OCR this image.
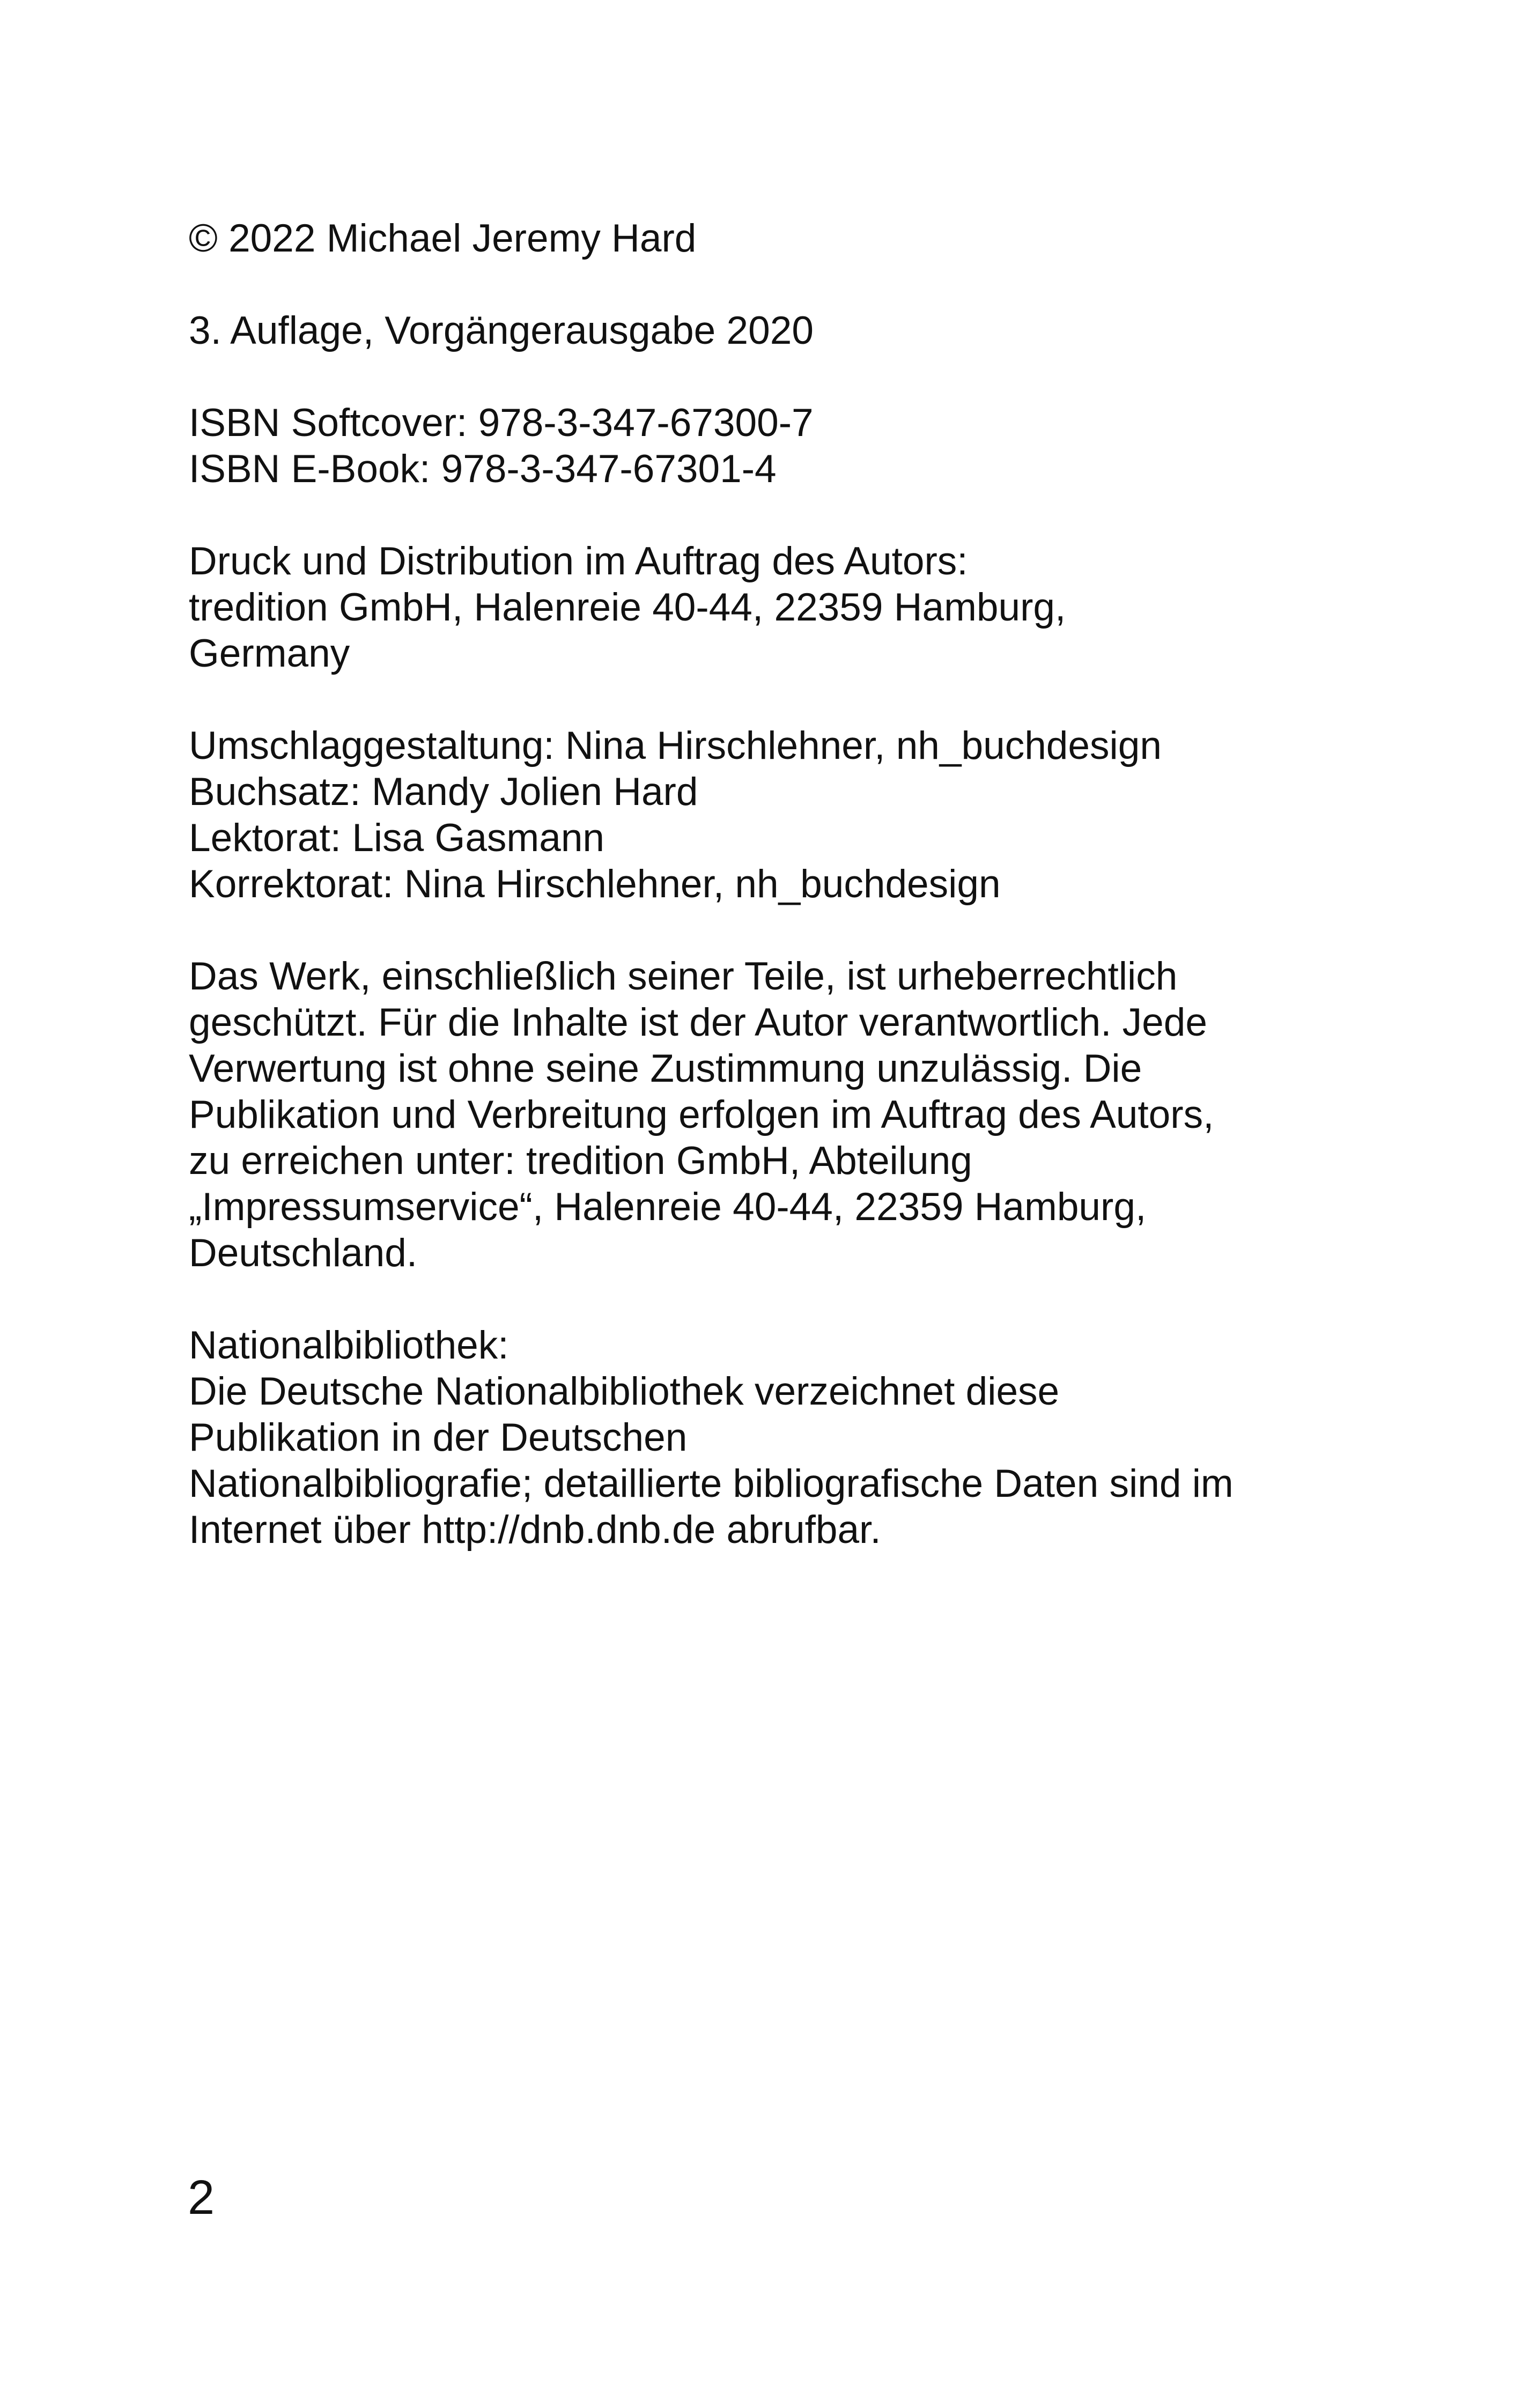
© 2022 Michael Jeremy Hard
3. Auflage, Vorgängerausgabe 2020
ISBN Softcover: 978-3-347-67300-7
ISBN E-Book: 978-3-347-67301-4
Druck und Distribution im Auftrag des Autors:
tredition GmbH, Halenreie 40-44, 22359 Hamburg,
Germany
Umschlaggestaltung: Nina Hirschlehner, nh_buchdesign
Buchsatz: Mandy Jolien Hard
Lektorat: Lisa Gasmann
Korrektorat: Nina Hirschlehner, nh_buchdesign
Das Werk, einschließlich seiner Teile, ist urheberrechtlich
geschützt. Für die Inhalte ist der Autor verantwortlich. Jede
Verwertung ist ohne seine Zustimmung unzulässig. Die
Publikation und Verbreitung erfolgen im Auftrag des Autors,
zu erreichen unter: tredition GmbH, Abteilung
„Impressumservice“, Halenreie 40-44, 22359 Hamburg,
Deutschland.
Nationalbibliothek:
Die Deutsche Nationalbibliothek verzeichnet diese
Publikation in der Deutschen
Nationalbibliografie; detaillierte bibliografische Daten sind im
Internet über http://dnb.dnb.de abrufbar.
2
